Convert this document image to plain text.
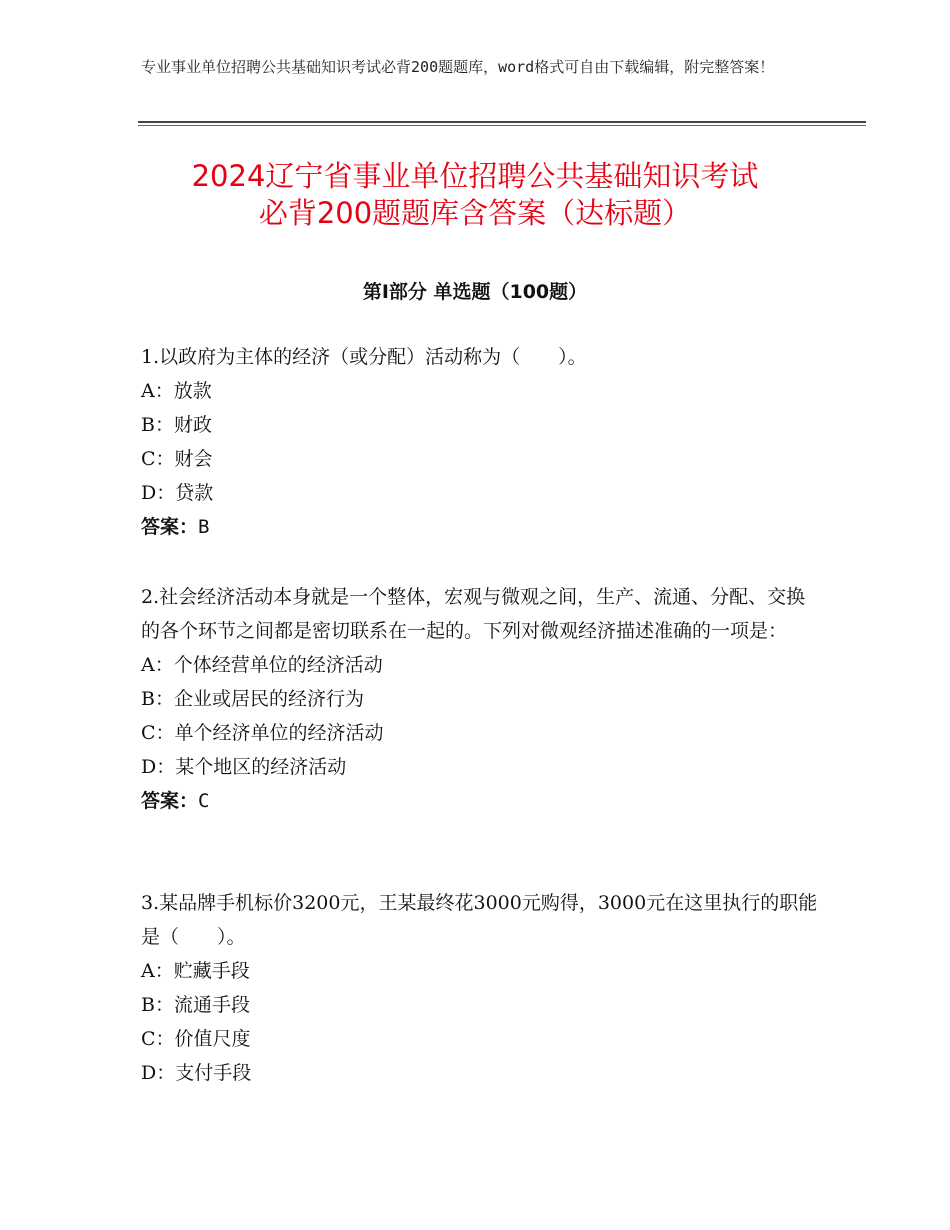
专业事业单位招聘公共基础知识考试必背200题题库，word格式可自由下载编辑，附完整答案！
2024辽宁省事业单位招聘公共基础知识考试
必背200题题库含答案（达标题）
第Ⅰ部分 单选题（100题）

1.以政府为主体的经济（或分配）活动称为（　　）。

A：放款

B：财政

C：财会

D：贷款

答案：B

2.社会经济活动本身就是一个整体，宏观与微观之间，生产、流通、分配、交换的各个环节之间都是密切联系在一起的。下列对微观经济描述准确的一项是：

A：个体经营单位的经济活动

B：企业或居民的经济行为

C：单个经济单位的经济活动

D：某个地区的经济活动

答案：C

3.某品牌手机标价3200元，王某最终花3000元购得，3000元在这里执行的职能是（　　）。

A：贮藏手段

B：流通手段

C：价值尺度

D：支付手段
